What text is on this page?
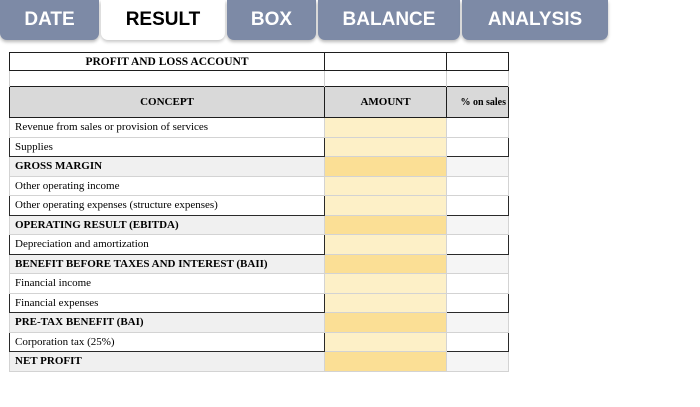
DATE	RESULT	BOX	BALANCE	ANALYSIS
PROFIT AND LOSS ACCOUNT		

CONCEPT	AMOUNT	% on sales
Revenue from sales or provision of services		
Supplies		
GROSS MARGIN		
Other operating income		
Other operating expenses (structure expenses)		
OPERATING RESULT (EBITDA)		
Depreciation and amortization		
BENEFIT BEFORE TAXES AND INTEREST (BAII)		
Financial income		
Financial expenses		
PRE-TAX BENEFIT (BAI)		
Corporation tax (25%)		
NET PROFIT		
